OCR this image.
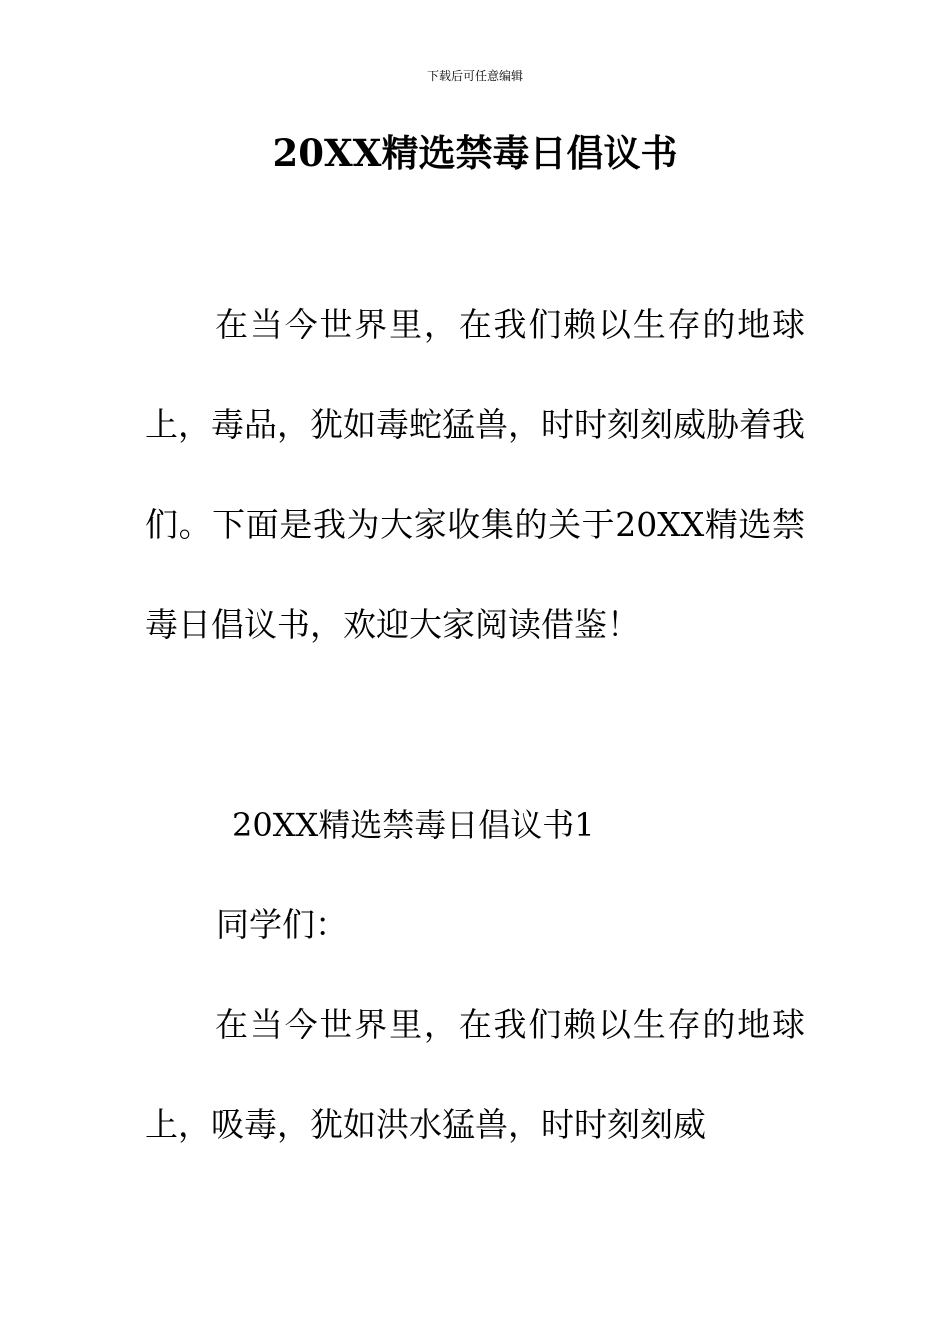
下载后可任意编辑
20XX精选禁毒日倡议书

在当今世界里，在我们赖以生存的地球上，毒品，犹如毒蛇猛兽，时时刻刻威胁着我们。下面是我为大家收集的关于20XX精选禁毒日倡议书，欢迎大家阅读借鉴！

20XX精选禁毒日倡议书1

同学们：

在当今世界里，在我们赖以生存的地球上，吸毒，犹如洪水猛兽，时时刻刻威
